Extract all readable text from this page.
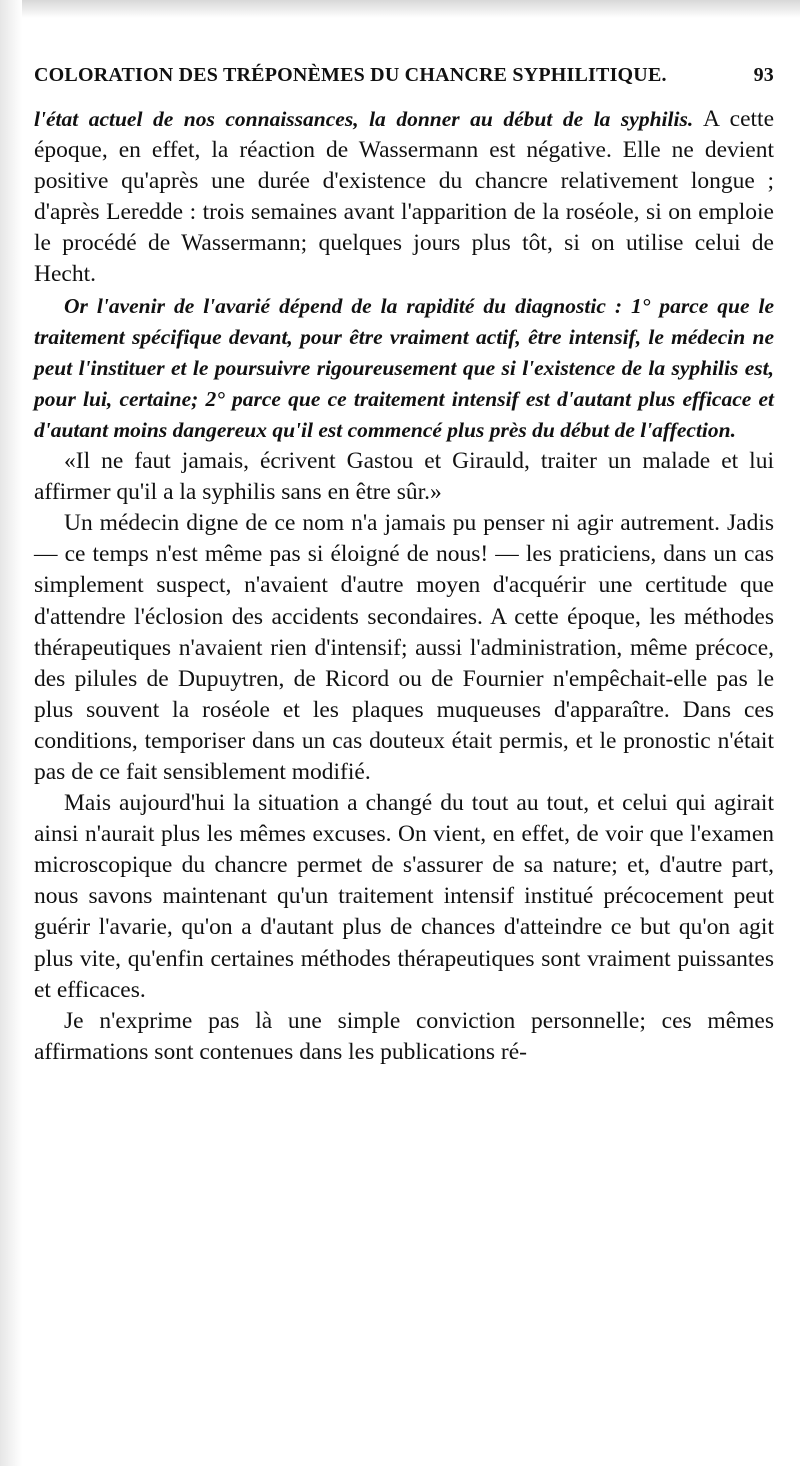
COLORATION DES TRÉPONÈMES DU CHANCRE SYPHILITIQUE.	93

l'état actuel de nos connaissances, la donner au début de la syphilis. A cette époque, en effet, la réaction de Wassermann est négative. Elle ne devient positive qu'après une durée d'existence du chancre relativement longue ; d'après Leredde : trois semaines avant l'apparition de la roséole, si on emploie le procédé de Wassermann; quelques jours plus tôt, si on utilise celui de Hecht.

Or l'avenir de l'avarié dépend de la rapidité du diagnostic : 1° parce que le traitement spécifique devant, pour être vraiment actif, être intensif, le médecin ne peut l'instituer et le poursuivre rigoureusement que si l'existence de la syphilis est, pour lui, certaine; 2° parce que ce traitement intensif est d'autant plus efficace et d'autant moins dangereux qu'il est commencé plus près du début de l'affection.

«Il ne faut jamais, écrivent Gastou et Girauld, traiter un malade et lui affirmer qu'il a la syphilis sans en être sûr.»

Un médecin digne de ce nom n'a jamais pu penser ni agir autrement. Jadis — ce temps n'est même pas si éloigné de nous! — les praticiens, dans un cas simplement suspect, n'avaient d'autre moyen d'acquérir une certitude que d'attendre l'éclosion des accidents secondaires. A cette époque, les méthodes thérapeutiques n'avaient rien d'intensif; aussi l'administration, même précoce, des pilules de Dupuytren, de Ricord ou de Fournier n'empêchait-elle pas le plus souvent la roséole et les plaques muqueuses d'apparaître. Dans ces conditions, temporiser dans un cas douteux était permis, et le pronostic n'était pas de ce fait sensiblement modifié.

Mais aujourd'hui la situation a changé du tout au tout, et celui qui agirait ainsi n'aurait plus les mêmes excuses. On vient, en effet, de voir que l'examen microscopique du chancre permet de s'assurer de sa nature; et, d'autre part, nous savons maintenant qu'un traitement intensif institué précocement peut guérir l'avarie, qu'on a d'autant plus de chances d'atteindre ce but qu'on agit plus vite, qu'enfin certaines méthodes thérapeutiques sont vraiment puissantes et efficaces.

Je n'exprime pas là une simple conviction personnelle; ces mêmes affirmations sont contenues dans les publications ré-
